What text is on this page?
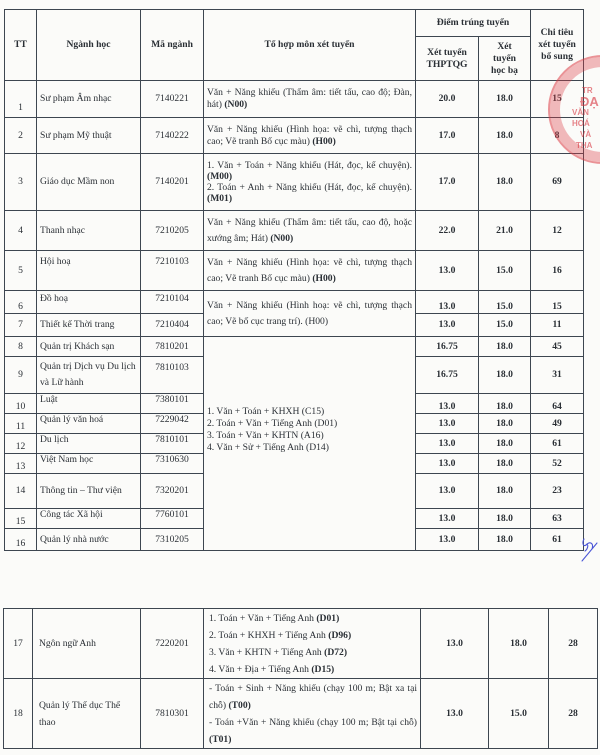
TT	Ngành học	Mã ngành	Tổ hợp môn xét tuyển	Điểm trúng tuyển		Chi tiêu xét tuyển bổ sung
				Xét tuyển THPTQG	Xét tuyển học bạ	
1	Sư phạm Âm nhạc	7140221	Văn + Năng khiếu (Thẩm âm: tiết tấu, cao độ; Đàn, hát) (N00)	20.0	18.0	15
2	Sư phạm Mỹ thuật	7140222	Văn + Năng khiếu (Hình họa: vẽ chì, tượng thạch cao; Vẽ tranh Bố cục màu) (H00)	17.0	18.0	8
3	Giáo dục Mầm non	7140201	1. Văn + Toán + Năng khiếu (Hát, đọc, kể chuyện). (M00)
2. Toán + Anh + Năng khiếu (Hát, đọc, kể chuyện). (M01)	17.0	18.0	69
4	Thanh nhạc	7210205	Văn + Năng khiếu (Thẩm âm: tiết tấu, cao độ, hoặc xướng âm; Hát) (N00)	22.0	21.0	12
5	Hội hoạ	7210103	Văn + Năng khiếu (Hình họa: vẽ chì, tượng thạch cao; Vẽ tranh Bố cục màu) (H00)	13.0	15.0	16
6	Đồ hoạ	7210104	Văn + Năng khiếu (Hình hoạ: vẽ chì, tượng thạch cao; Vẽ bố cục trang trí). (H00)	13.0	15.0	15
7	Thiết kế Thời trang	7210404		13.0	15.0	11
8	Quản trị Khách sạn	7810201	1. Văn + Toán + KHXH (C15)
2. Toán + Văn + Tiếng Anh (D01)
3. Toán + Văn + KHTN (A16)
4. Văn + Sử + Tiếng Anh (D14)	16.75	18.0	45
9	Quản trị Dịch vụ Du lịch và Lữ hành	7810103		16.75	18.0	31
10	Luật	7380101		13.0	18.0	64
11	Quản lý văn hoá	7229042		13.0	18.0	49
12	Du lịch	7810101		13.0	18.0	61
13	Việt Nam học	7310630		13.0	18.0	52
14	Thông tin – Thư viện	7320201		13.0	18.0	23
15	Công tác Xã hội	7760101		13.0	18.0	63
16	Quản lý nhà nước	7310205		13.0	18.0	61
TR
ĐẠ
VĂN HOÁ
VÀ
THA
17	Ngôn ngữ Anh	7220201	1. Toán + Văn + Tiếng Anh (D01)
2. Toán + KHXH + Tiếng Anh (D96)
3. Văn + KHTN + Tiếng Anh (D72)
4. Văn + Địa + Tiếng Anh (D15)	13.0	18.0	28
18	Quản lý Thể dục Thể thao	7810301	- Toán + Sinh + Năng khiếu (chạy 100 m; Bật xa tại chỗ) (T00)
- Toán +Văn + Năng khiếu (chạy 100 m; Bật tại chỗ) (T01)	13.0	15.0	28
